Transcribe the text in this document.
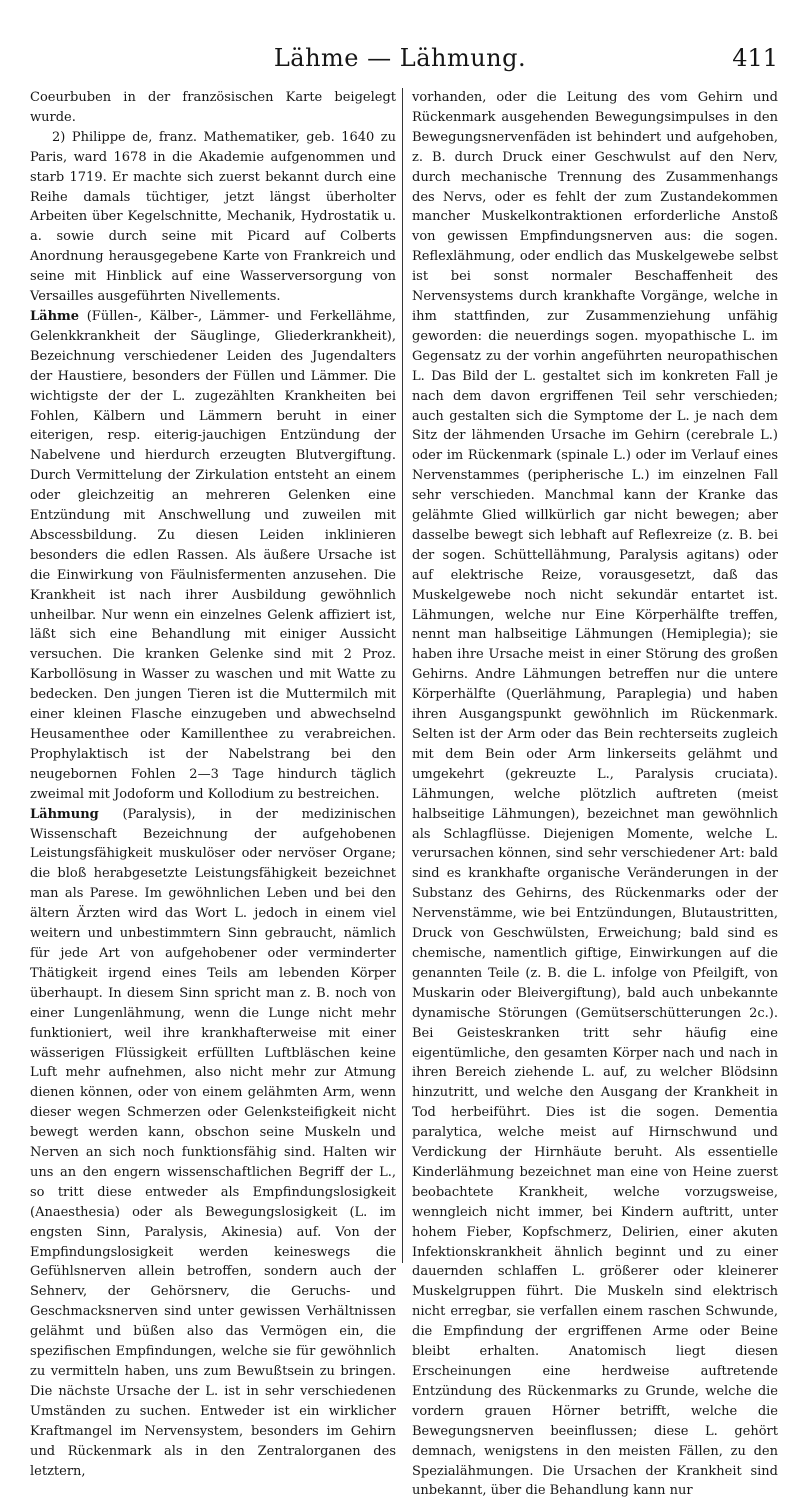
Lähme — Lähmung.	411

Coeurbuben in der französischen Karte beigelegt wurde.

2) Philippe de, franz. Mathematiker, geb. 1640 zu Paris, ward 1678 in die Akademie aufgenommen und starb 1719. Er machte sich zuerst bekannt durch eine Reihe damals tüchtiger, jetzt längst überholter Arbeiten über Kegelschnitte, Mechanik, Hydrostatik u. a. sowie durch seine mit Picard auf Colberts Anordnung herausgegebene Karte von Frankreich und seine mit Hinblick auf eine Wasserversorgung von Versailles ausgeführten Nivellements.

Lähme (Füllen-, Kälber-, Lämmer- und Ferkellähme, Gelenkkrankheit der Säuglinge, Gliederkrankheit), Bezeichnung verschiedener Leiden des Jugendalters der Haustiere, besonders der Füllen und Lämmer. Die wichtigste der der L. zugezählten Krankheiten bei Fohlen, Kälbern und Lämmern beruht in einer eiterigen, resp. eiterig-jauchigen Entzündung der Nabelvene und hierdurch erzeugten Blutvergiftung. Durch Vermittelung der Zirkulation entsteht an einem oder gleichzeitig an mehreren Gelenken eine Entzündung mit Anschwellung und zuweilen mit Abscessbildung. Zu diesen Leiden inklinieren besonders die edlen Rassen. Als äußere Ursache ist die Einwirkung von Fäulnisfermenten anzusehen. Die Krankheit ist nach ihrer Ausbildung gewöhnlich unheilbar. Nur wenn ein einzelnes Gelenk affiziert ist, läßt sich eine Behandlung mit einiger Aussicht versuchen. Die kranken Gelenke sind mit 2 Proz. Karbollösung in Wasser zu waschen und mit Watte zu bedecken. Den jungen Tieren ist die Muttermilch mit einer kleinen Flasche einzugeben und abwechselnd Heusamenthee oder Kamillenthee zu verabreichen. Prophylaktisch ist der Nabelstrang bei den neugebornen Fohlen 2—3 Tage hindurch täglich zweimal mit Jodoform und Kollodium zu bestreichen.

Lähmung (Paralysis), in der medizinischen Wissenschaft Bezeichnung der aufgehobenen Leistungsfähigkeit muskulöser oder nervöser Organe; die bloß herabgesetzte Leistungsfähigkeit bezeichnet man als Parese. Im gewöhnlichen Leben und bei den ältern Ärzten wird das Wort L. jedoch in einem viel weitern und unbestimmtern Sinn gebraucht, nämlich für jede Art von aufgehobener oder verminderter Thätigkeit irgend eines Teils am lebenden Körper überhaupt. In diesem Sinn spricht man z. B. noch von einer Lungenlähmung, wenn die Lunge nicht mehr funktioniert, weil ihre krankhafterweise mit einer wässerigen Flüssigkeit erfüllten Luftbläschen keine Luft mehr aufnehmen, also nicht mehr zur Atmung dienen können, oder von einem gelähmten Arm, wenn dieser wegen Schmerzen oder Gelenksteifigkeit nicht bewegt werden kann, obschon seine Muskeln und Nerven an sich noch funktionsfähig sind. Halten wir uns an den engern wissenschaftlichen Begriff der L., so tritt diese entweder als Empfindungslosigkeit (Anaesthesia) oder als Bewegungslosigkeit (L. im engsten Sinn, Paralysis, Akinesia) auf. Von der Empfindungslosigkeit werden keineswegs die Gefühlsnerven allein betroffen, sondern auch der Sehnerv, der Gehörsnerv, die Geruchs- und Geschmacksnerven sind unter gewissen Verhältnissen gelähmt und büßen also das Vermögen ein, die spezifischen Empfindungen, welche sie für gewöhnlich zu vermitteln haben, uns zum Bewußtsein zu bringen. Die nächste Ursache der L. ist in sehr verschiedenen Umständen zu suchen. Entweder ist ein wirklicher Kraftmangel im Nervensystem, besonders im Gehirn und Rückenmark als in den Zentralorganen des letztern,

vorhanden, oder die Leitung des vom Gehirn und Rückenmark ausgehenden Bewegungsimpulses in den Bewegungsnervenfäden ist behindert und aufgehoben, z. B. durch Druck einer Geschwulst auf den Nerv, durch mechanische Trennung des Zusammenhangs des Nervs, oder es fehlt der zum Zustandekommen mancher Muskelkontraktionen erforderliche Anstoß von gewissen Empfindungsnerven aus: die sogen. Reflexlähmung, oder endlich das Muskelgewebe selbst ist bei sonst normaler Beschaffenheit des Nervensystems durch krankhafte Vorgänge, welche in ihm stattfinden, zur Zusammenziehung unfähig geworden: die neuerdings sogen. myopathische L. im Gegensatz zu der vorhin angeführten neuropathischen L. Das Bild der L. gestaltet sich im konkreten Fall je nach dem davon ergriffenen Teil sehr verschieden; auch gestalten sich die Symptome der L. je nach dem Sitz der lähmenden Ursache im Gehirn (cerebrale L.) oder im Rückenmark (spinale L.) oder im Verlauf eines Nervenstammes (peripherische L.) im einzelnen Fall sehr verschieden. Manchmal kann der Kranke das gelähmte Glied willkürlich gar nicht bewegen; aber dasselbe bewegt sich lebhaft auf Reflexreize (z. B. bei der sogen. Schüttellähmung, Paralysis agitans) oder auf elektrische Reize, vorausgesetzt, daß das Muskelgewebe noch nicht sekundär entartet ist. Lähmungen, welche nur Eine Körperhälfte treffen, nennt man halbseitige Lähmungen (Hemiplegia); sie haben ihre Ursache meist in einer Störung des großen Gehirns. Andre Lähmungen betreffen nur die untere Körperhälfte (Querlähmung, Paraplegia) und haben ihren Ausgangspunkt gewöhnlich im Rückenmark. Selten ist der Arm oder das Bein rechterseits zugleich mit dem Bein oder Arm linkerseits gelähmt und umgekehrt (gekreuzte L., Paralysis cruciata). Lähmungen, welche plötzlich auftreten (meist halbseitige Lähmungen), bezeichnet man gewöhnlich als Schlagflüsse. Diejenigen Momente, welche L. verursachen können, sind sehr verschiedener Art: bald sind es krankhafte organische Veränderungen in der Substanz des Gehirns, des Rückenmarks oder der Nervenstämme, wie bei Entzündungen, Blutaustritten, Druck von Geschwülsten, Erweichung; bald sind es chemische, namentlich giftige, Einwirkungen auf die genannten Teile (z. B. die L. infolge von Pfeilgift, von Muskarin oder Bleivergiftung), bald auch unbekannte dynamische Störungen (Gemütserschütterungen 2c.). Bei Geisteskranken tritt sehr häufig eine eigentümliche, den gesamten Körper nach und nach in ihren Bereich ziehende L. auf, zu welcher Blödsinn hinzutritt, und welche den Ausgang der Krankheit in Tod herbeiführt. Dies ist die sogen. Dementia paralytica, welche meist auf Hirnschwund und Verdickung der Hirnhäute beruht. Als essentielle Kinderlähmung bezeichnet man eine von Heine zuerst beobachtete Krankheit, welche vorzugsweise, wenngleich nicht immer, bei Kindern auftritt, unter hohem Fieber, Kopfschmerz, Delirien, einer akuten Infektionskrankheit ähnlich beginnt und zu einer dauernden schlaffen L. größerer oder kleinerer Muskelgruppen führt. Die Muskeln sind elektrisch nicht erregbar, sie verfallen einem raschen Schwunde, die Empfindung der ergriffenen Arme oder Beine bleibt erhalten. Anatomisch liegt diesen Erscheinungen eine herdweise auftretende Entzündung des Rückenmarks zu Grunde, welche die vordern grauen Hörner betrifft, welche die Bewegungsnerven beeinflussen; diese L. gehört demnach, wenigstens in den meisten Fällen, zu den Spezialähmungen. Die Ursachen der Krankheit sind unbekannt, über die Behandlung kann nur
